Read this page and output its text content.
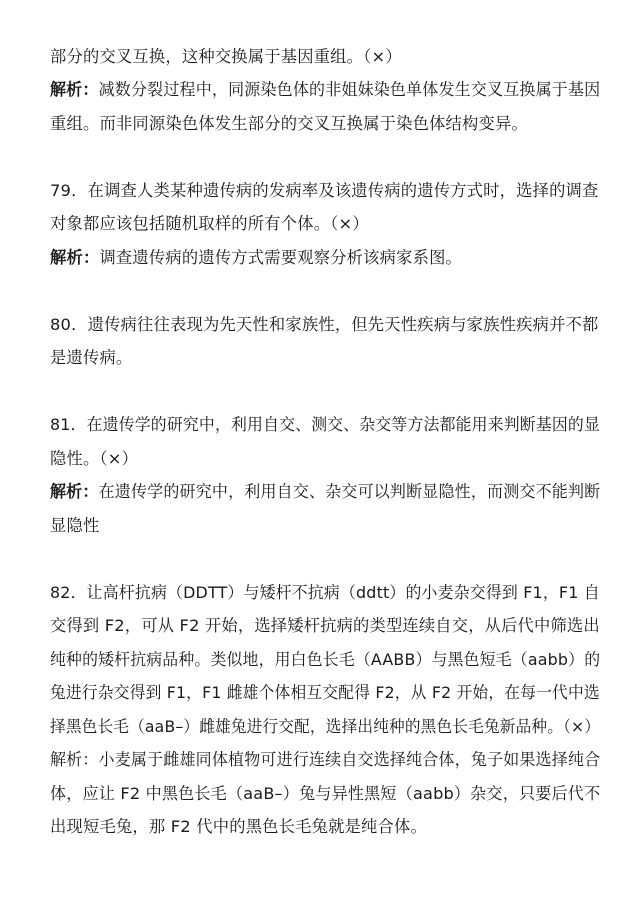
部分的交叉互换，这种交换属于基因重组。（×）
解析：减数分裂过程中，同源染色体的非姐妹染色单体发生交叉互换属于基因
重组。而非同源染色体发生部分的交叉互换属于染色体结构变异。
79．在调查人类某种遗传病的发病率及该遗传病的遗传方式时，选择的调查
对象都应该包括随机取样的所有个体。（×）
解析：调查遗传病的遗传方式需要观察分析该病家系图。
80．遗传病往往表现为先天性和家族性，但先天性疾病与家族性疾病并不都
是遗传病。
81．在遗传学的研究中，利用自交、测交、杂交等方法都能用来判断基因的显
隐性。（×）
解析：在遗传学的研究中，利用自交、杂交可以判断显隐性，而测交不能判断
显隐性
82．让高杆抗病（DDTT）与矮杆不抗病（ddtt）的小麦杂交得到 F1，F1 自
交得到 F2，可从 F2 开始，选择矮杆抗病的类型连续自交，从后代中筛选出
纯种的矮杆抗病品种。类似地，用白色长毛（AABB）与黑色短毛（aabb）的
兔进行杂交得到 F1，F1 雌雄个体相互交配得 F2，从 F2 开始，在每一代中选
择黑色长毛（aaB–）雌雄兔进行交配，选择出纯种的黑色长毛兔新品种。（×）
解析：小麦属于雌雄同体植物可进行连续自交选择纯合体，兔子如果选择纯合
体，应让 F2 中黑色长毛（aaB–）兔与异性黑短（aabb）杂交，只要后代不
出现短毛兔，那 F2 代中的黑色长毛兔就是纯合体。
